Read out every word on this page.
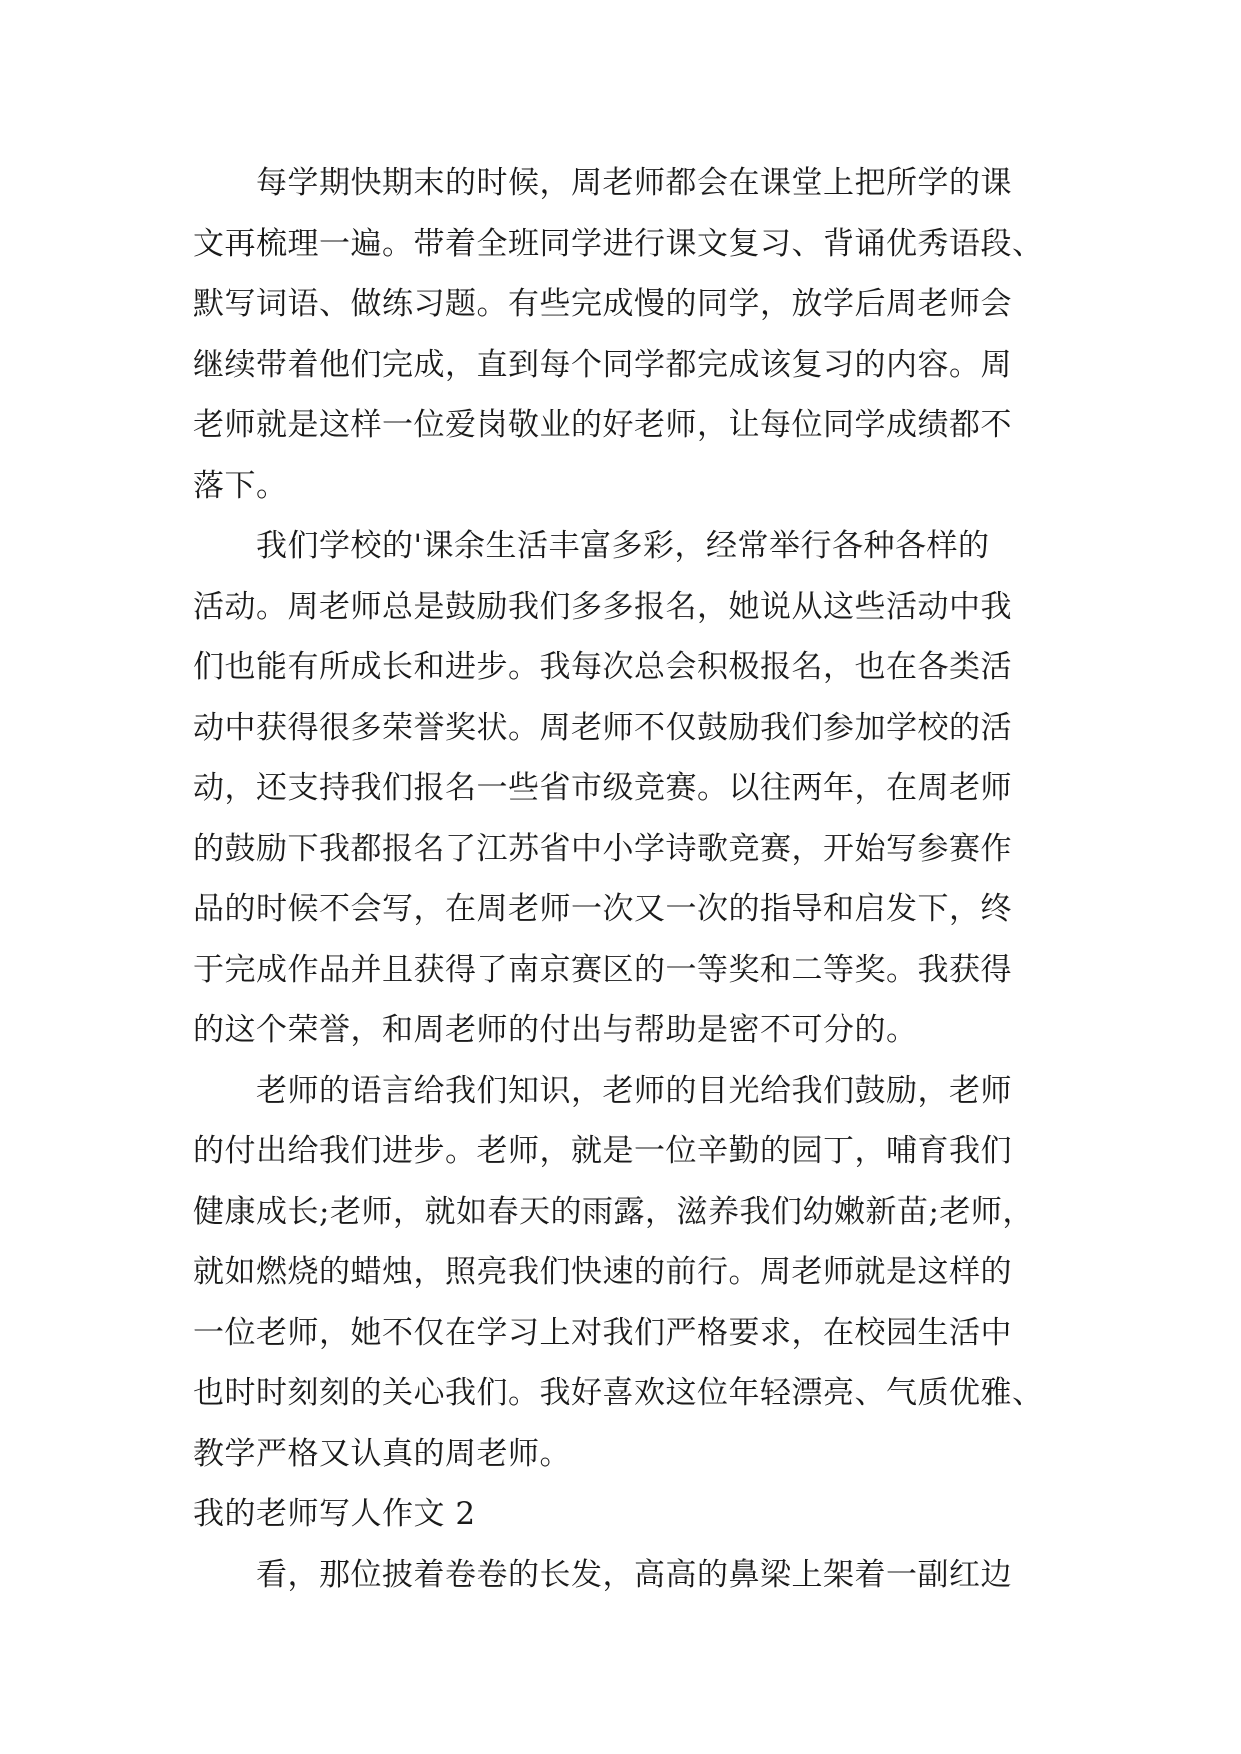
每学期快期末的时候，周老师都会在课堂上把所学的课
文再梳理一遍。带着全班同学进行课文复习、背诵优秀语段、
默写词语、做练习题。有些完成慢的同学，放学后周老师会
继续带着他们完成，直到每个同学都完成该复习的内容。周
老师就是这样一位爱岗敬业的好老师，让每位同学成绩都不
落下。
我们学校的'课余生活丰富多彩，经常举行各种各样的
活动。周老师总是鼓励我们多多报名，她说从这些活动中我
们也能有所成长和进步。我每次总会积极报名，也在各类活
动中获得很多荣誉奖状。周老师不仅鼓励我们参加学校的活
动，还支持我们报名一些省市级竞赛。以往两年，在周老师
的鼓励下我都报名了江苏省中小学诗歌竞赛，开始写参赛作
品的时候不会写，在周老师一次又一次的指导和启发下，终
于完成作品并且获得了南京赛区的一等奖和二等奖。我获得
的这个荣誉，和周老师的付出与帮助是密不可分的。
老师的语言给我们知识，老师的目光给我们鼓励，老师
的付出给我们进步。老师，就是一位辛勤的园丁，哺育我们
健康成长;老师，就如春天的雨露，滋养我们幼嫩新苗;老师，
就如燃烧的蜡烛，照亮我们快速的前行。周老师就是这样的
一位老师，她不仅在学习上对我们严格要求，在校园生活中
也时时刻刻的关心我们。我好喜欢这位年轻漂亮、气质优雅、
教学严格又认真的周老师。
我的老师写人作文 2
看，那位披着卷卷的长发，高高的鼻梁上架着一副红边
